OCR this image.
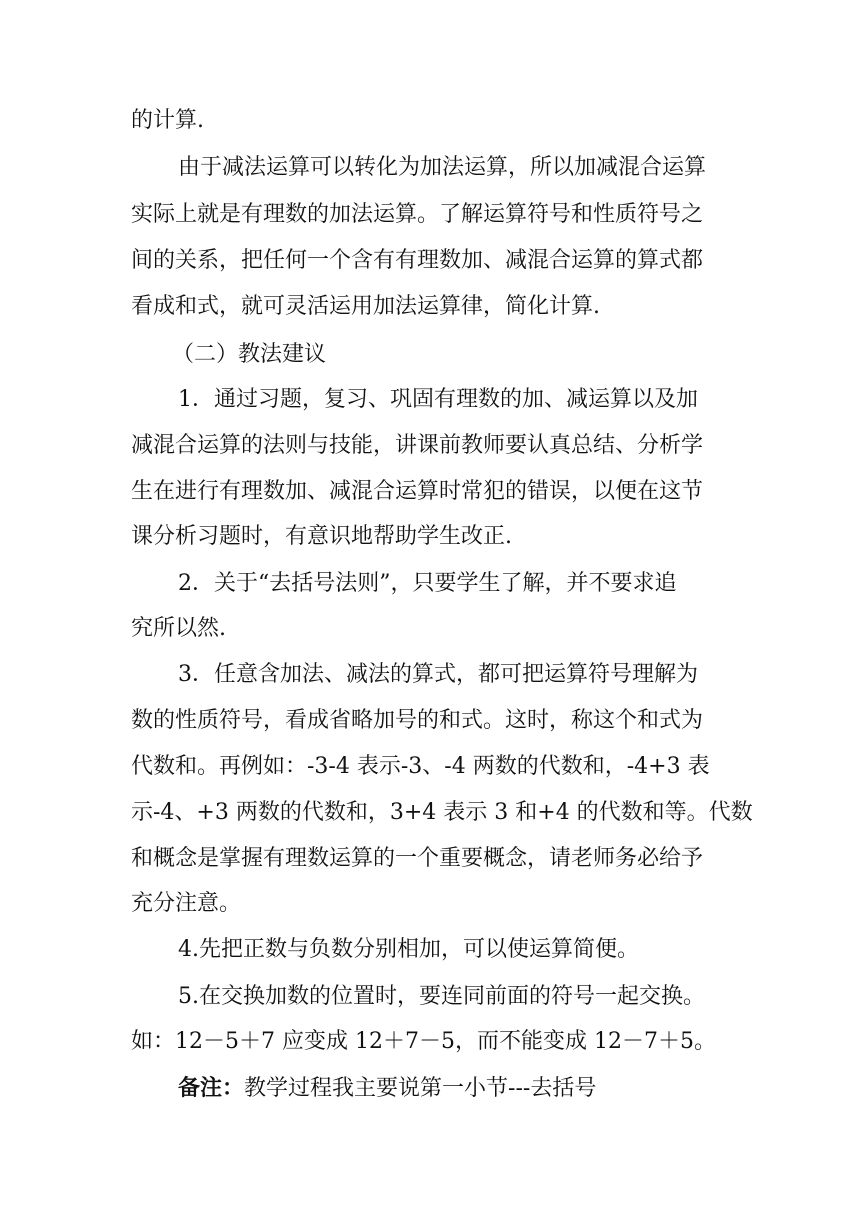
的计算.
由于减法运算可以转化为加法运算，所以加减混合运算
实际上就是有理数的加法运算。了解运算符号和性质符号之
间的关系，把任何一个含有有理数加、减混合运算的算式都
看成和式，就可灵活运用加法运算律，简化计算.
（二）教法建议
1．通过习题，复习、巩固有理数的加、减运算以及加
减混合运算的法则与技能，讲课前教师要认真总结、分析学
生在进行有理数加、减混合运算时常犯的错误，以便在这节
课分析习题时，有意识地帮助学生改正.
2．关于“去括号法则”，只要学生了解，并不要求追
究所以然.
3．任意含加法、减法的算式，都可把运算符号理解为
数的性质符号，看成省略加号的和式。这时，称这个和式为
代数和。再例如：-3-4 表示-3、-4 两数的代数和，-4+3 表
示-4、+3 两数的代数和，3+4 表示 3 和+4 的代数和等。代数
和概念是掌握有理数运算的一个重要概念，请老师务必给予
充分注意。
4.先把正数与负数分别相加，可以使运算简便。
5.在交换加数的位置时，要连同前面的符号一起交换。
如：12－5＋7 应变成 12＋7－5，而不能变成 12－7＋5。
备注：教学过程我主要说第一小节---去括号
